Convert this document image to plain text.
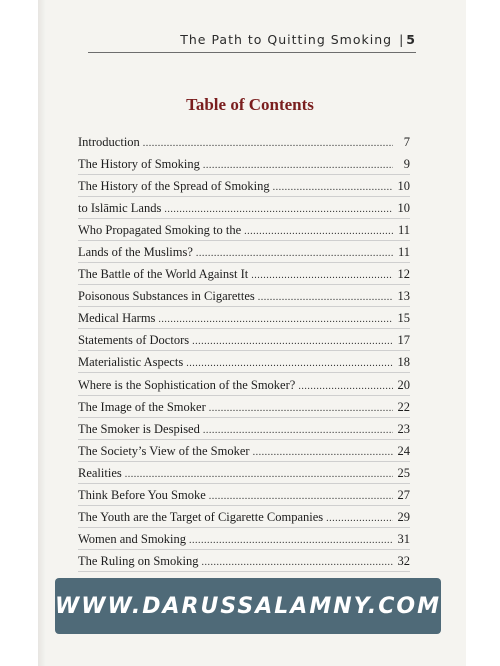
The Path to Quitting Smoking | 5
Table of Contents
Introduction .....	7
The History of Smoking .....	9
The History of the Spread of Smoking .....	10
to Islāmic Lands .....	10
Who Propagated Smoking to the .....	11
Lands of the Muslims? .....	11
The Battle of the World Against It .....	12
Poisonous Substances in Cigarettes .....	13
Medical Harms .....	15
Statements of Doctors .....	17
Materialistic Aspects .....	18
Where is the Sophistication of the Smoker? .....	20
The Image of the Smoker .....	22
The Smoker is Despised .....	23
The Society’s View of the Smoker .....	24
Realities .....	25
Think Before You Smoke .....	27
The Youth are the Target of Cigarette Companies .....	29
Women and Smoking .....	31
The Ruling on Smoking .....	32
.....
WWW.DARUSSALAMNY.COM
